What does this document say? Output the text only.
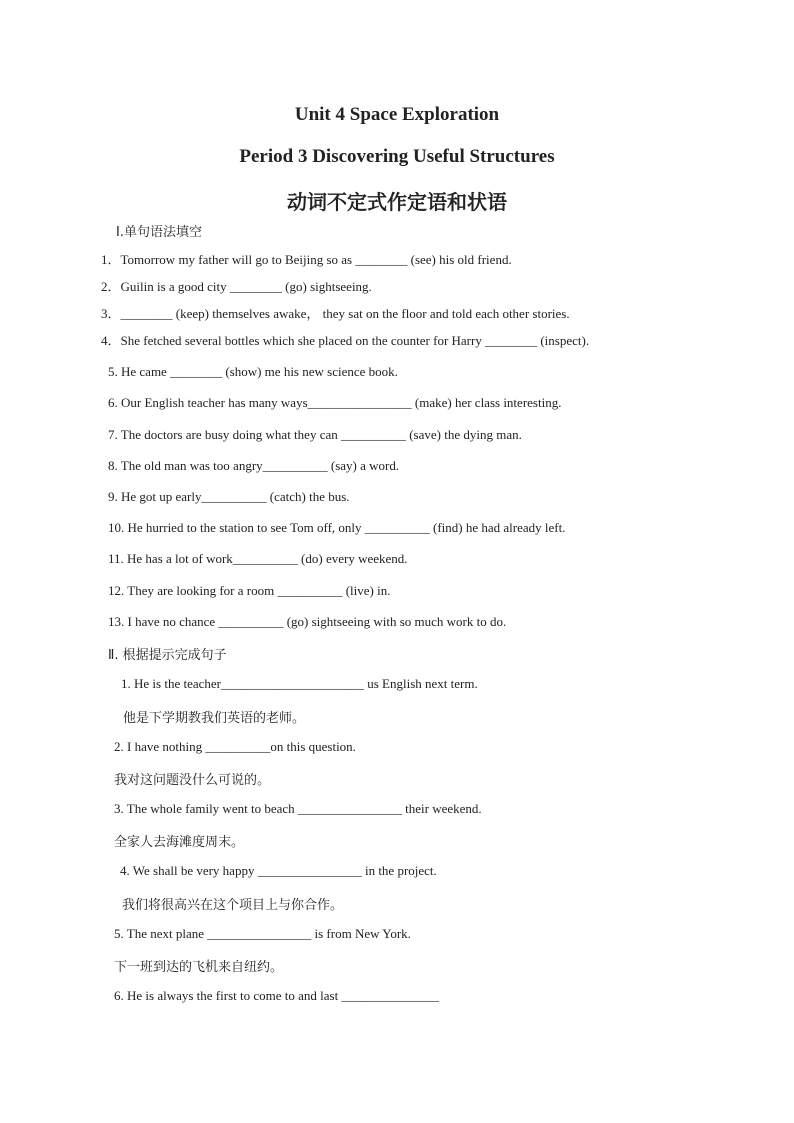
Unit 4 Space Exploration
Period 3 Discovering Useful Structures
动词不定式作定语和状语
Ⅰ.单句语法填空
1．Tomorrow my father will go to Beijing so as ________ (see) his old friend.
2．Guilin is a good city ________ (go) sightseeing.
3．________ (keep) themselves awake， they sat on the floor and told each other stories.
4．She fetched several bottles which she placed on the counter for Harry ________ (inspect).
5. He came ________ (show) me his new science book.
6. Our English teacher has many ways________________ (make) her class interesting.
7. The doctors are busy doing what they can __________ (save) the dying man.
8. The old man was too angry__________ (say) a word.
9. He got up early__________ (catch) the bus.
10. He hurried to the station to see Tom off, only __________ (find) he had already left.
11. He has a lot of work__________ (do) every weekend.
12. They are looking for a room __________ (live) in.
13. I have no chance __________ (go) sightseeing with so much work to do.
Ⅱ. 根据提示完成句子
1. He is the teacher______________________ us English next term.
他是下学期教我们英语的老师。
2. I have nothing __________on this question.
我对这问题没什么可说的。
3. The whole family went to beach ________________ their weekend.
全家人去海滩度周末。
4. We shall be very happy ________________ in the project.
我们将很高兴在这个项目上与你合作。
5. The next plane ________________ is from New York.
下一班到达的飞机来自纽约。
6. He is always the first to come to and last _______________
